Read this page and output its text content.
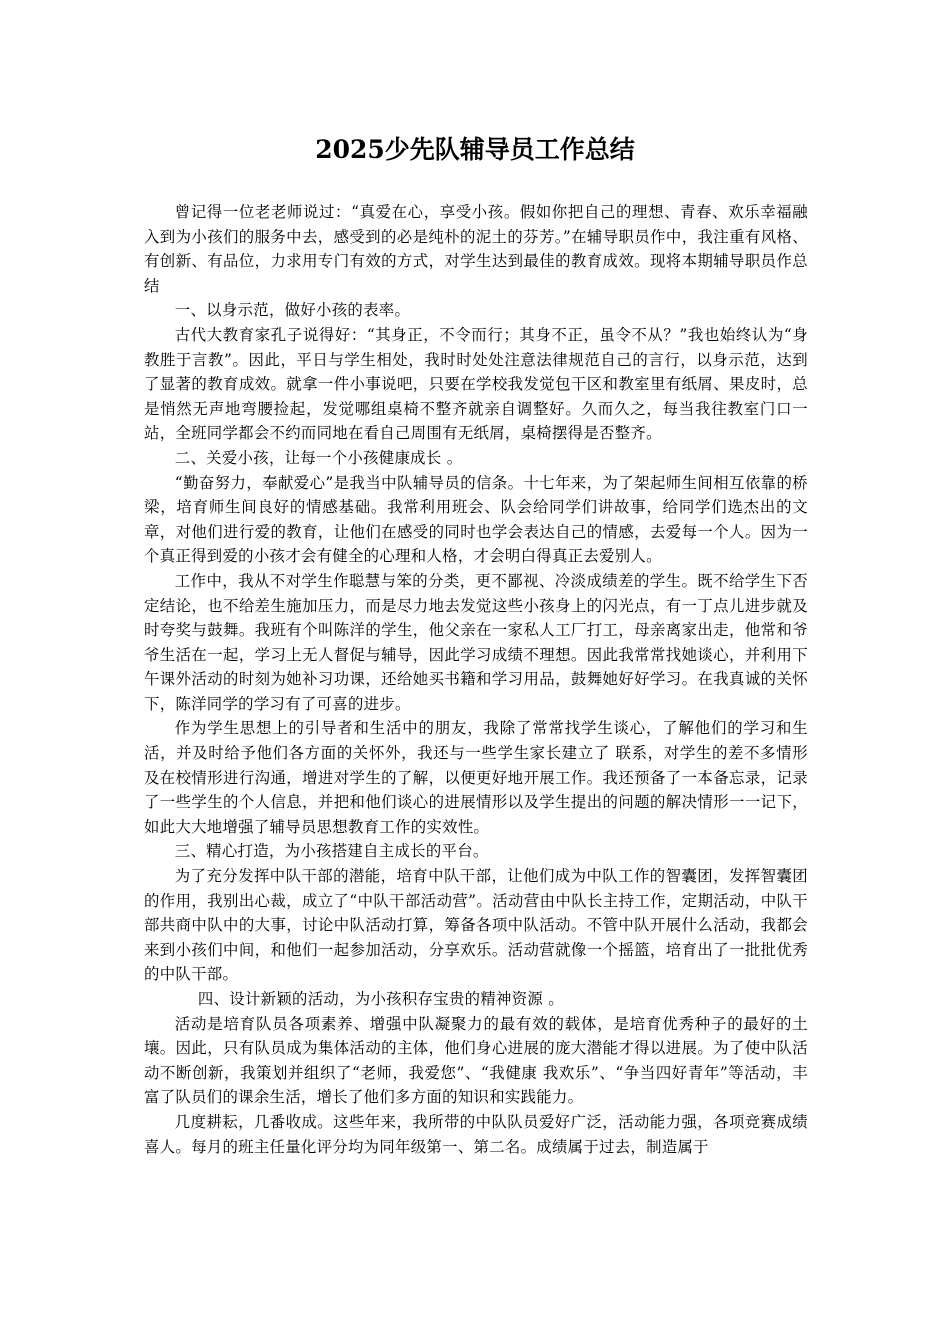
2025少先队辅导员工作总结

曾记得一位老老师说过：“真爱在心，享受小孩。假如你把自己的理想、青春、欢乐幸福融入到为小孩们的服务中去，感受到的必是纯朴的泥土的芬芳。”在辅导职员作中，我注重有风格、有创新、有品位，力求用专门有效的方式，对学生达到最佳的教育成效。现将本期辅导职员作总结

一、以身示范，做好小孩的表率。

古代大教育家孔子说得好：“其身正，不令而行；其身不正，虽令不从？”我也始终认为“身教胜于言教”。因此，平日与学生相处，我时时处处注意法律规范自己的言行，以身示范，达到了显著的教育成效。就拿一件小事说吧，只要在学校我发觉包干区和教室里有纸屑、果皮时，总是悄然无声地弯腰捡起，发觉哪组桌椅不整齐就亲自调整好。久而久之，每当我往教室门口一站，全班同学都会不约而同地在看自己周围有无纸屑，桌椅摆得是否整齐。

二、关爱小孩，让每一个小孩健康成长 。

“勤奋努力，奉献爱心”是我当中队辅导员的信条。十七年来，为了架起师生间相互依靠的桥梁，培育师生间良好的情感基础。我常利用班会、队会给同学们讲故事，给同学们选杰出的文章，对他们进行爱的教育，让他们在感受的同时也学会表达自己的情感，去爱每一个人。因为一个真正得到爱的小孩才会有健全的心理和人格，才会明白得真正去爱别人。

工作中，我从不对学生作聪慧与笨的分类，更不鄙视、冷淡成绩差的学生。既不给学生下否定结论，也不给差生施加压力，而是尽力地去发觉这些小孩身上的闪光点，有一丁点儿进步就及时夸奖与鼓舞。我班有个叫陈洋的学生，他父亲在一家私人工厂打工，母亲离家出走，他常和爷爷生活在一起，学习上无人督促与辅导，因此学习成绩不理想。因此我常常找她谈心，并利用下午课外活动的时刻为她补习功课，还给她买书籍和学习用品，鼓舞她好好学习。在我真诚的关怀下，陈洋同学的学习有了可喜的进步。

作为学生思想上的引导者和生活中的朋友，我除了常常找学生谈心，了解他们的学习和生活，并及时给予他们各方面的关怀外，我还与一些学生家长建立了 联系，对学生的差不多情形及在校情形进行沟通，增进对学生的了解，以便更好地开展工作。我还预备了一本备忘录，记录了一些学生的个人信息，并把和他们谈心的进展情形以及学生提出的问题的解决情形一一记下，如此大大地增强了辅导员思想教育工作的实效性。

三、精心打造，为小孩搭建自主成长的平台。

为了充分发挥中队干部的潜能，培育中队干部，让他们成为中队工作的智囊团，发挥智囊团的作用，我别出心裁，成立了“中队干部活动营”。活动营由中队长主持工作，定期活动，中队干部共商中队中的大事，讨论中队活动打算，筹备各项中队活动。不管中队开展什么活动，我都会来到小孩们中间，和他们一起参加活动，分享欢乐。活动营就像一个摇篮，培育出了一批批优秀的中队干部。

四、设计新颖的活动，为小孩积存宝贵的精神资源 。

活动是培育队员各项素养、增强中队凝聚力的最有效的载体，是培育优秀种子的最好的土壤。因此，只有队员成为集体活动的主体，他们身心进展的庞大潜能才得以进展。为了使中队活动不断创新，我策划并组织了“老师，我爱您”、“我健康 我欢乐”、“争当四好青年”等活动，丰富了队员们的课余生活，增长了他们多方面的知识和实践能力。

几度耕耘，几番收成。这些年来，我所带的中队队员爱好广泛，活动能力强，各项竞赛成绩喜人。每月的班主任量化评分均为同年级第一、第二名。成绩属于过去，制造属于
